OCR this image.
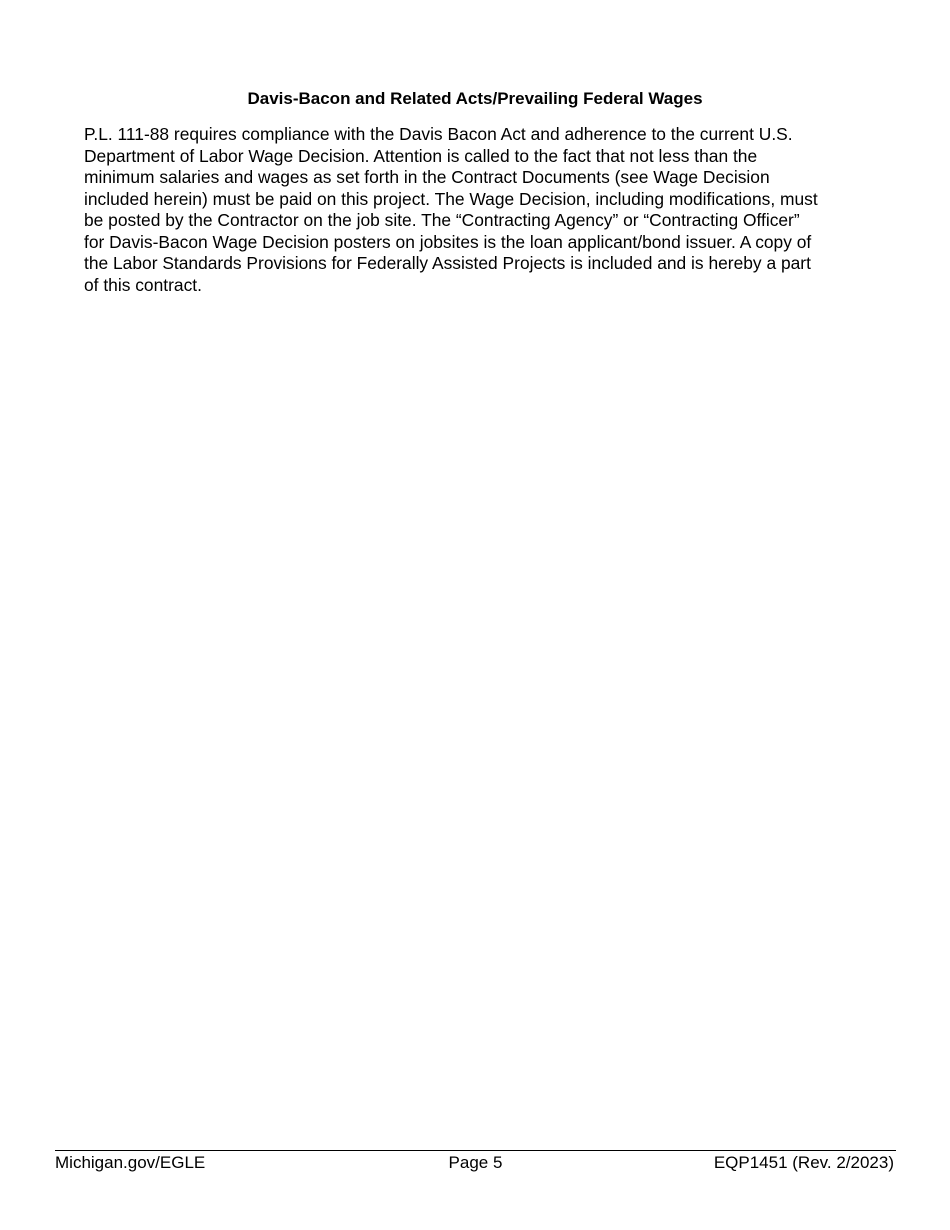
Davis-Bacon and Related Acts/Prevailing Federal Wages

P.L. 111-88 requires compliance with the Davis Bacon Act and adherence to the current U.S.
Department of Labor Wage Decision. Attention is called to the fact that not less than the
minimum salaries and wages as set forth in the Contract Documents (see Wage Decision
included herein) must be paid on this project. The Wage Decision, including modifications, must
be posted by the Contractor on the job site. The “Contracting Agency” or “Contracting Officer”
for Davis-Bacon Wage Decision posters on jobsites is the loan applicant/bond issuer. A copy of
the Labor Standards Provisions for Federally Assisted Projects is included and is hereby a part
of this contract.

Michigan.gov/EGLE	Page 5	EQP1451 (Rev. 2/2023)
